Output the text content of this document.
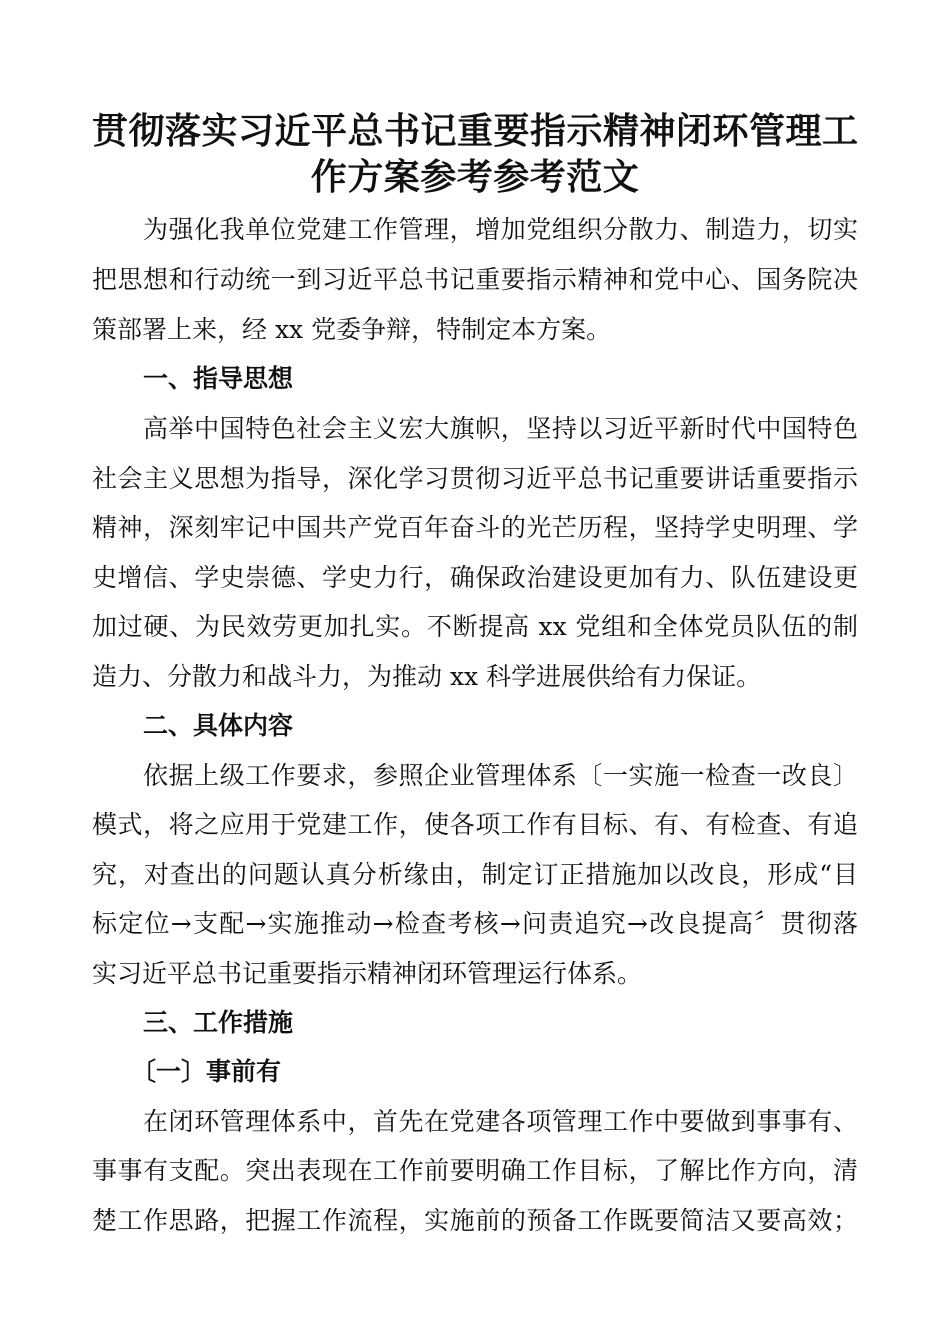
贯彻落实习近平总书记重要指示精神闭环管理工
作方案参考参考范文
为强化我单位党建工作管理，增加党组织分散力、制造力，切实
把思想和行动统一到习近平总书记重要指示精神和党中心、国务院决
策部署上来，经 xx 党委争辩，特制定本方案。
一、指导思想
高举中国特色社会主义宏大旗帜，坚持以习近平新时代中国特色
社会主义思想为指导，深化学习贯彻习近平总书记重要讲话重要指示
精神，深刻牢记中国共产党百年奋斗的光芒历程，坚持学史明理、学
史增信、学史崇德、学史力行，确保政治建设更加有力、队伍建设更
加过硬、为民效劳更加扎实。不断提高 xx 党组和全体党员队伍的制
造力、分散力和战斗力，为推动 xx 科学进展供给有力保证。
二、具体内容
依据上级工作要求，参照企业管理体系〔一实施一检查一改良〕
模式，将之应用于党建工作，使各项工作有目标、有、有检查、有追
究，对查出的问题认真分析缘由，制定订正措施加以改良，形成“目
标定位→支配→实施推动→检查考核→问责追究→改良提高〞贯彻落
实习近平总书记重要指示精神闭环管理运行体系。
三、工作措施
〔一〕事前有
在闭环管理体系中，首先在党建各项管理工作中要做到事事有、
事事有支配。突出表现在工作前要明确工作目标，了解比作方向，清
楚工作思路，把握工作流程，实施前的预备工作既要简洁又要高效；
